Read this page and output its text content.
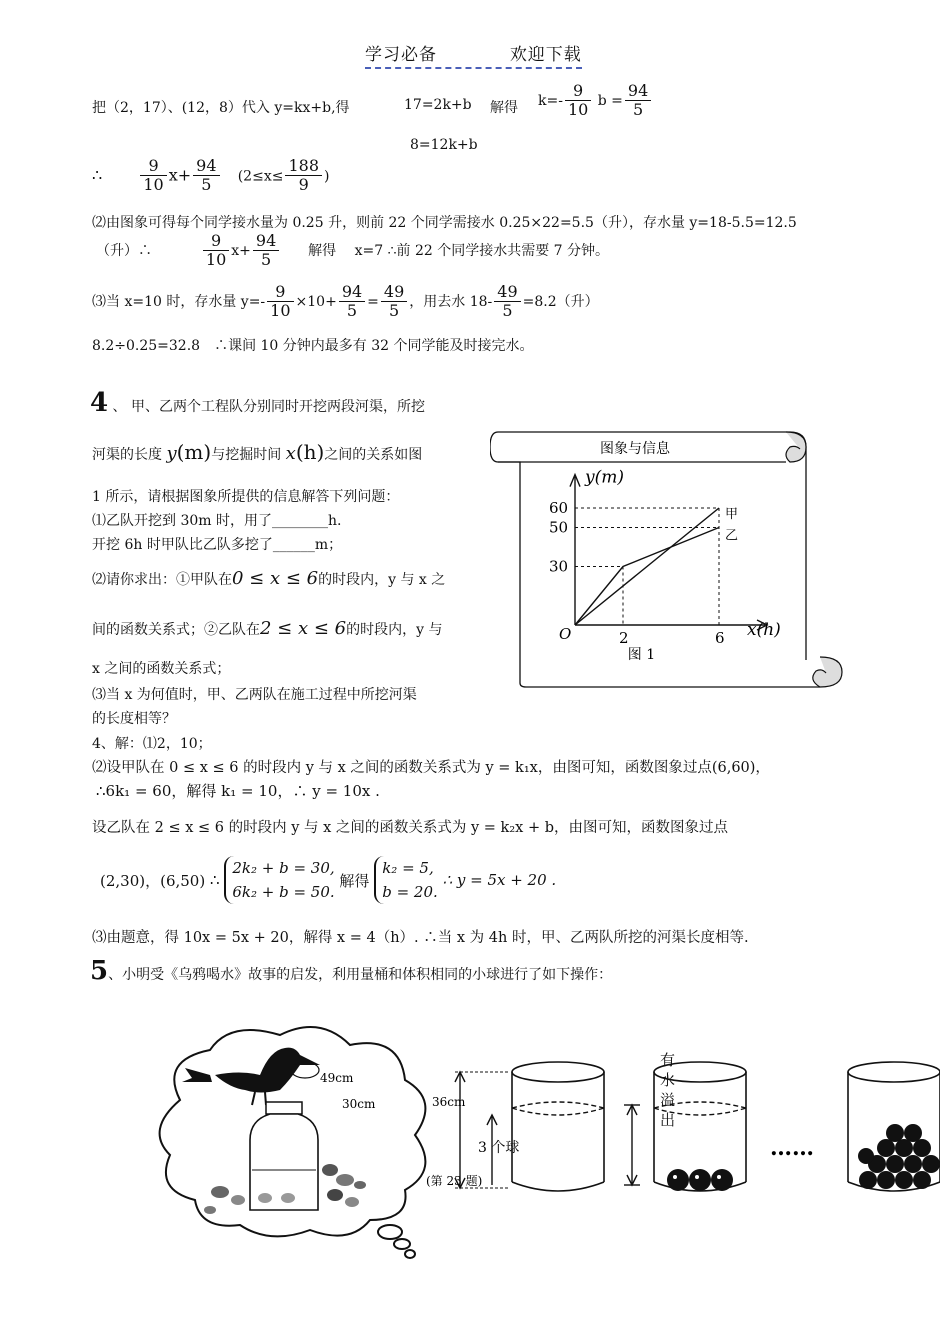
学习必备	欢迎下载
把（2，17）、(12，8）代入 y=kx+b,得	17=2k+b 解得 $k=- \frac{9}{10}$ $b = \frac{94}{5}$
8=12k+b
∴ $\frac{9}{10} x+ \frac{94}{5} (2\le x\le \frac{188}{9}$ )
⑵由图象可得每个同学接水量为 0.25 升，则前 22 个同学需接水 0.25×22=5.5（升），存水量 y=18-5.5=12.5
（升）∴	$\frac{9}{10} x+ \frac{94}{5}$ 解得　 x=7 ∴前 22 个同学接水共需要 7 分钟。
⑶当 x=10 时，存水量 $y=- \frac{9}{10} \times 10+ \frac{94}{5} = \frac{49}{5}$ ，用去水 $18- \frac{49}{5} =8.2$（升）
8.2÷0.25=32.8　∴课间 10 分钟内最多有 32 个同学能及时接完水。
4 、 甲、乙两个工程队分别同时开挖两段河渠，所挖
河渠的长度 y(m)与挖掘时间 x(h)之间的关系如图
1 所示，请根据图象所提供的信息解答下列问题：
⑴乙队开挖到 30m 时，用了________h.
开挖 6h 时甲队比乙队多挖了______m；
⑵请你求出：①甲队在0 ≤ x ≤ 6的时段内，y 与 x 之
间的函数关系式；②乙队在2 ≤ x ≤ 6的时段内，y 与
x 之间的函数关系式；
⑶当 x 为何值时，甲、乙两队在施工过程中所挖河渠
的长度相等？
图象与信息
y(m)
x(h)
O
30
50
60
2	6
甲
乙
图 1
4、解：⑴2，10；
⑵设甲队在 0 ≤ x ≤ 6 的时段内 y 与 x 之间的函数关系式为 y = k₁x，由图可知，函数图象过点(6,60)，
∴6k₁ = 60，解得 k₁ = 10，∴ y = 10x .
设乙队在 2 ≤ x ≤ 6 的时段内 y 与 x 之间的函数关系式为 y = k₂x + b，由图可知，函数图象过点
(2,30)，(6,50) ∴
2k₂ + b = 30,
6k₂ + b = 50.
解得
k₂ = 5,
b = 20.
∴ y = 5x + 20 .
⑶由题意，得 10x = 5x + 20，解得 x = 4（h）. ∴当 x 为 4h 时，甲、乙两队所挖的河渠长度相等.
5、小明受《乌鸦喝水》故事的启发，利用量桶和体积相同的小球进行了如下操作：
49cm
30cm	36cm
(第 23 题)
3 个球	……
有水溢出
